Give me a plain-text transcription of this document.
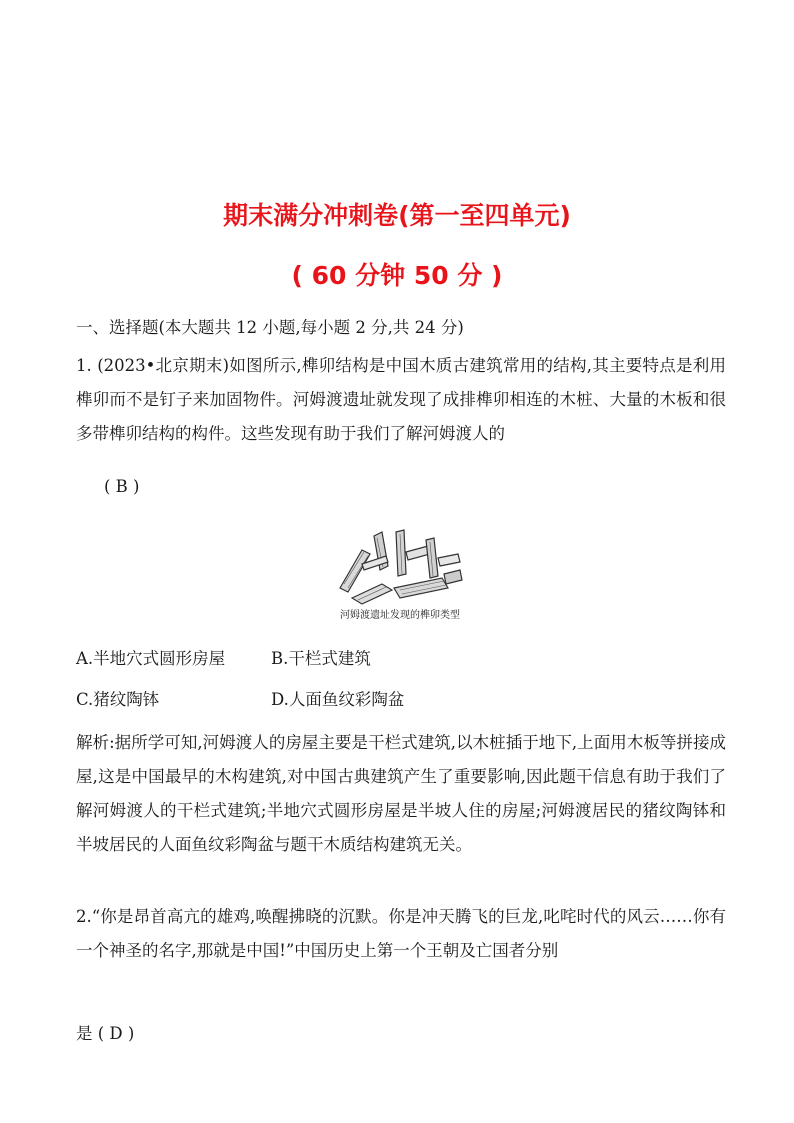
期末满分冲刺卷(第一至四单元)
( 60 分钟 50 分 )

一、选择题(本大题共 12 小题,每小题 2 分,共 24 分)

1. (2023•北京期末)如图所示,榫卯结构是中国木质古建筑常用的结构,其主要特点是利用榫卯而不是钉子来加固物件。河姆渡遗址就发现了成排榫卯相连的木桩、大量的木板和很多带榫卯结构的构件。这些发现有助于我们了解河姆渡人的

( B )
河姆渡遗址发现的榫卯类型
A.半地穴式圆形房屋	B.干栏式建筑
C.猪纹陶钵	D.人面鱼纹彩陶盆

解析:据所学可知,河姆渡人的房屋主要是干栏式建筑,以木桩插于地下,上面用木板等拼接成屋,这是中国最早的木构建筑,对中国古典建筑产生了重要影响,因此题干信息有助于我们了解河姆渡人的干栏式建筑;半地穴式圆形房屋是半坡人住的房屋;河姆渡居民的猪纹陶钵和半坡居民的人面鱼纹彩陶盆与题干木质结构建筑无关。

2.“你是昂首高亢的雄鸡,唤醒拂晓的沉默。你是冲天腾飞的巨龙,叱咤时代的风云……你有一个神圣的名字,那就是中国!”中国历史上第一个王朝及亡国者分别

是 ( D )
